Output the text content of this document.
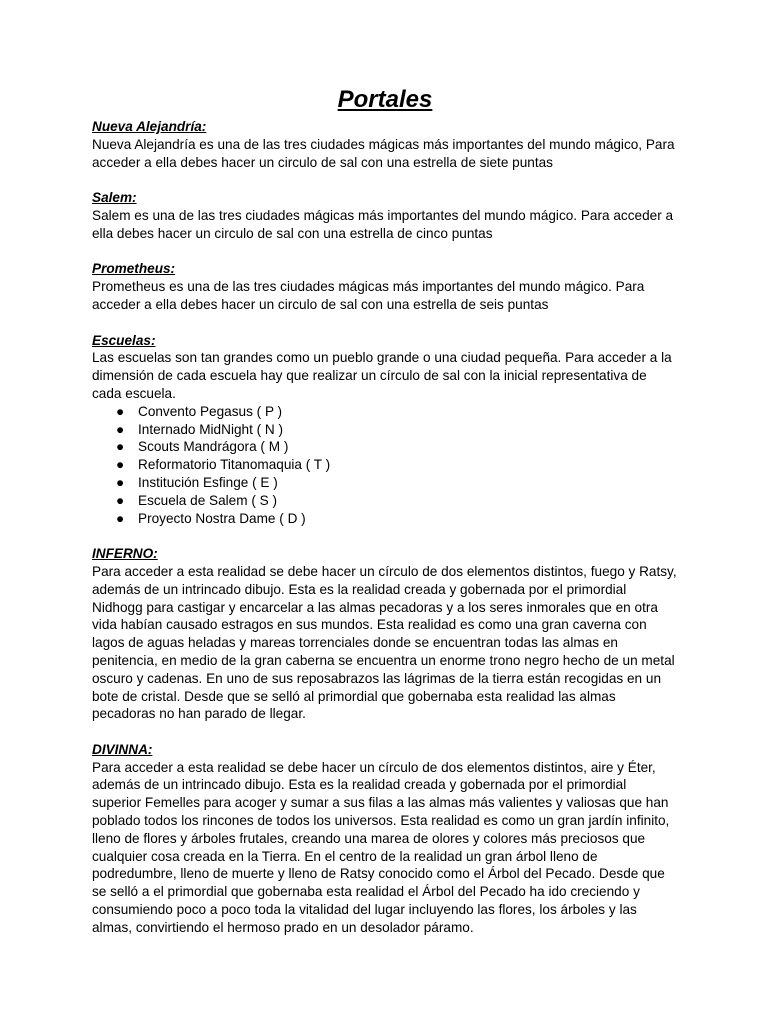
Portales

Nueva Alejandría:

Nueva Alejandría es una de las tres ciudades mágicas más importantes del mundo mágico, Para acceder a ella debes hacer un circulo de sal con una estrella de siete puntas

Salem:

Salem es una de las tres ciudades mágicas más importantes del mundo mágico. Para acceder a ella debes hacer un circulo de sal con una estrella de cinco puntas

Prometheus:

Prometheus es una de las tres ciudades mágicas más importantes del mundo mágico. Para acceder a ella debes hacer un circulo de sal con una estrella de seis puntas

Escuelas:

Las escuelas son tan grandes como un pueblo grande o una ciudad pequeña. Para acceder a la dimensión de cada escuela hay que realizar un círculo de sal con la inicial representativa de cada escuela.

● Convento Pegasus ( P )
● Internado MidNight ( N )
● Scouts Mandrágora ( M )
● Reformatorio Titanomaquia ( T )
● Institución Esfinge ( E )
● Escuela de Salem ( S )
● Proyecto Nostra Dame ( D )

INFERNO:

Para acceder a esta realidad se debe hacer un círculo de dos elementos distintos, fuego y Ratsy, además de un intrincado dibujo. Esta es la realidad creada y gobernada por el primordial Nidhogg para castigar y encarcelar a las almas pecadoras y a los seres inmorales que en otra vida habían causado estragos en sus mundos. Esta realidad es como una gran caverna con lagos de aguas heladas y mareas torrenciales donde se encuentran todas las almas en penitencia, en medio de la gran caberna se encuentra un enorme trono negro hecho de un metal oscuro y cadenas. En uno de sus reposabrazos las lágrimas de la tierra están recogidas en un bote de cristal. Desde que se selló al primordial que gobernaba esta realidad las almas pecadoras no han parado de llegar.

DIVINNA:

Para acceder a esta realidad se debe hacer un círculo de dos elementos distintos, aire y Éter, además de un intrincado dibujo. Esta es la realidad creada y gobernada por el primordial superior Femelles para acoger y sumar a sus filas a las almas más valientes y valiosas que han poblado todos los rincones de todos los universos. Esta realidad es como un gran jardín infinito, lleno de flores y árboles frutales, creando una marea de olores y colores más preciosos que cualquier cosa creada en la Tierra. En el centro de la realidad un gran árbol lleno de podredumbre, lleno de muerte y lleno de Ratsy conocido como el Árbol del Pecado. Desde que se selló a el primordial que gobernaba esta realidad el Árbol del Pecado ha ido creciendo y consumiendo poco a poco toda la vitalidad del lugar incluyendo las flores, los árboles y las almas, convirtiendo el hermoso prado en un desolador páramo.
